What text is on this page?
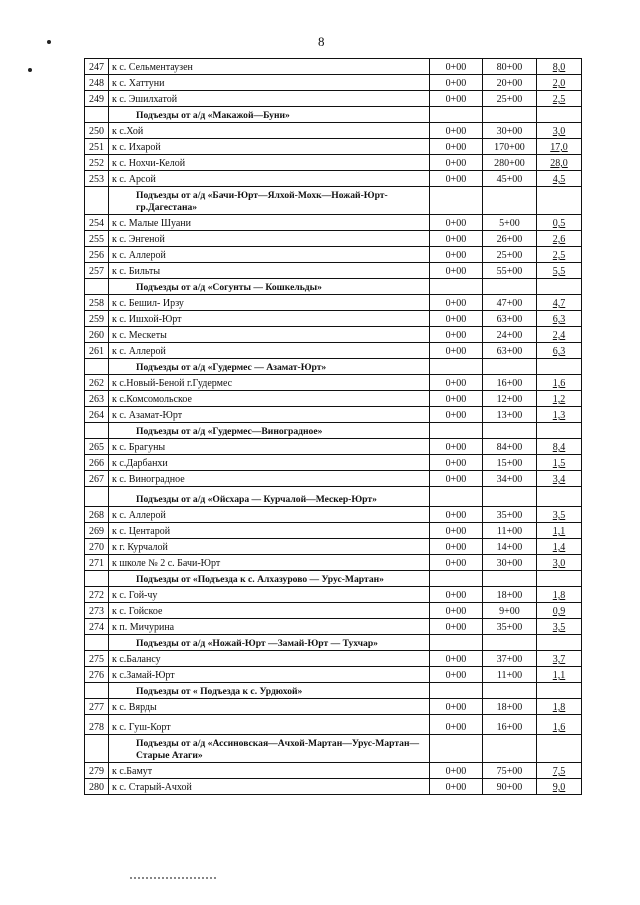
8
247	к с. Сельментаузен	0+00	80+00	8,0
248	к с. Хаттуни	0+00	20+00	2,0
249	к с. Эшилхатой	0+00	25+00	2,5
	Подъезды от а/д «Макажой—Буни»			
250	к с.Хой	0+00	30+00	3,0
251	к с. Ихарой	0+00	170+00	17,0
252	к с. Нохчи-Келой	0+00	280+00	28,0
253	к с. Арсой	0+00	45+00	4,5
	Подъезды от а/д «Бачи-Юрт—Ялхой-Мохк—Ножай-Юрт-гр.Дагестана»			
254	к с. Малые Шуани	0+00	5+00	0,5
255	к с. Энгеной	0+00	26+00	2,6
256	к с. Аллерой	0+00	25+00	2,5
257	к с. Бильты	0+00	55+00	5,5
	Подъезды от а/д «Согунты — Кошкельды»			
258	к с. Бешил- Ирзу	0+00	47+00	4,7
259	к с. Ишхой-Юрт	0+00	63+00	6,3
260	к с. Мескеты	0+00	24+00	2,4
261	к с. Аллерой	0+00	63+00	6,3
	Подъезды от а/д «Гудермес — Азамат-Юрт»			
262	к с.Новый-Беной г.Гудермес	0+00	16+00	1,6
263	к с.Комсомольское	0+00	12+00	1,2
264	к с. Азамат-Юрт	0+00	13+00	1,3
	Подъезды от а/д «Гудермес—Виноградное»			
265	к с. Брагуны	0+00	84+00	8,4
266	к с.Дарбанхи	0+00	15+00	1,5
267	к с. Виноградное	0+00	34+00	3,4
	Подъезды от а/д «Ойсхара — Курчалой—Мескер-Юрт»			
268	к с. Аллерой	0+00	35+00	3,5
269	к с. Центарой	0+00	11+00	1,1
270	к г. Курчалой	0+00	14+00	1,4
271	к школе № 2 с. Бачи-Юрт	0+00	30+00	3,0
	Подъезды от «Подъезда к с. Алхазурово — Урус-Мартан»			
272	к с. Гой-чу	0+00	18+00	1,8
273	к с. Гойское	0+00	9+00	0,9
274	к п. Мичурина	0+00	35+00	3,5
	Подъезды от а/д «Ножай-Юрт —Замай-Юрт — Тухчар»			
275	к с.Балансу	0+00	37+00	3,7
276	к с.Замай-Юрт	0+00	11+00	1,1
	Подъезды от « Подъезда к с. Урдюхой»			
277	к с. Вярды	0+00	18+00	1,8
278	к с. Гуш-Корт	0+00	16+00	1,6
	Подъезды от а/д «Ассиновская—Ачхой-Мартан—Урус-Мартан— Старые Атаги»			
279	к с.Бамут	0+00	75+00	7,5
280	к с. Старый-Ачхой	0+00	90+00	9,0
